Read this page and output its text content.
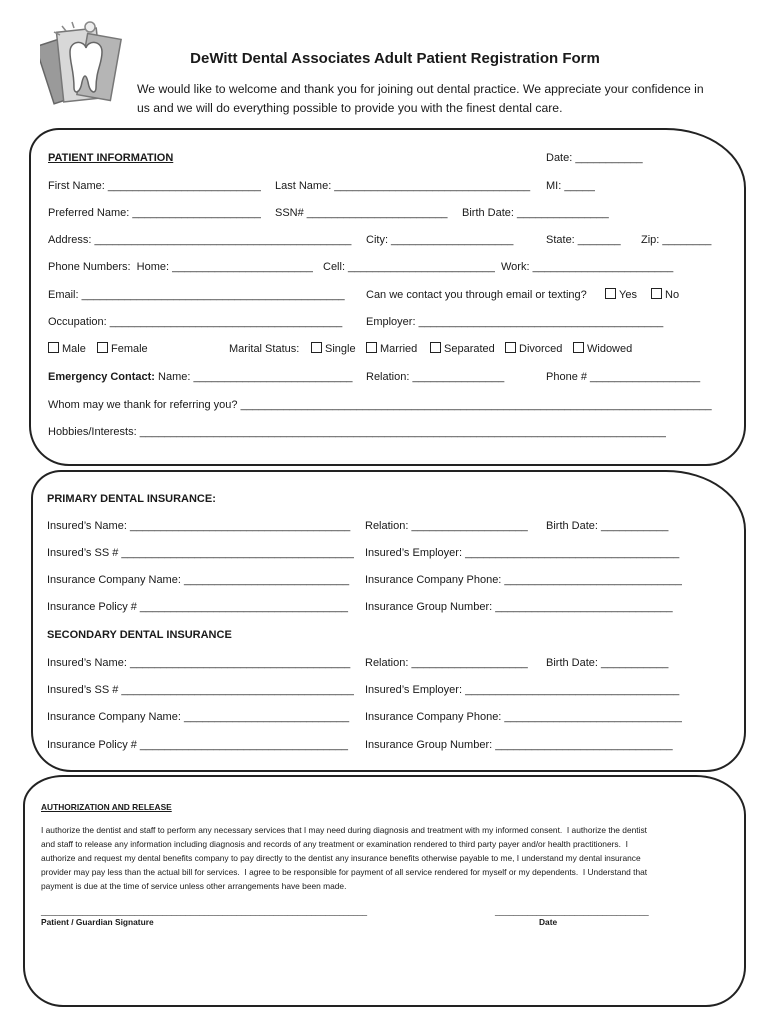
DeWitt Dental Associates Adult Patient Registration Form
We would like to welcome and thank you for joining out dental practice. We appreciate your confidence in us and we will do everything possible to provide you with the finest dental care.
PATIENT INFORMATION	Date: ___________
First Name: _________________________ Last Name: ________________________________ MI: _____
Preferred Name: _____________________ SSN# _______________________ Birth Date: _______________
Address: __________________________________________ City: ____________________	State: _______ Zip: ________
Phone Numbers:  Home: _______________________ Cell: ________________________ Work: _______________________
Email: ___________________________________________ Can we contact you through email or texting?	Yes	No
Occupation: ______________________________________ Employer: ________________________________________
Male	Female	Marital Status:	Single	Married	Separated	Divorced	Widowed
Emergency Contact: Name: __________________________ Relation: _______________	Phone # __________________
Whom may we thank for referring you? _____________________________________________________________________________
Hobbies/Interests: ______________________________________________________________________________________
PRIMARY DENTAL INSURANCE:
Insured’s Name: ____________________________________ Relation: ___________________ Birth Date: ___________
Insured’s SS # ______________________________________ Insured’s Employer: ___________________________________
Insurance Company Name: ___________________________ Insurance Company Phone: _____________________________
Insurance Policy # __________________________________ Insurance Group Number: _____________________________
SECONDARY DENTAL INSURANCE
Insured’s Name: ____________________________________ Relation: ___________________ Birth Date: ___________
Insured’s SS # ______________________________________ Insured’s Employer: ___________________________________
Insurance Company Name: ___________________________ Insurance Company Phone: _____________________________
Insurance Policy # __________________________________ Insurance Group Number: _____________________________
AUTHORIZATION AND RELEASE
I authorize the dentist and staff to perform any necessary services that I may need during diagnosis and treatment with my informed consent.  I authorize the dentist
and staff to release any information including diagnosis and records of any treatment or examination rendered to third party payer and/or health practitioners.  I
authorize and request my dental benefits company to pay directly to the dentist any insurance benefits otherwise payable to me, I understand my dental insurance
provider may pay less than the actual bill for services.  I agree to be responsible for payment of all service rendered for myself or my dependents.  I Understand that
payment is due at the time of service unless other arrangements have been made.
______________________________________________________________________	_________________________________
Patient / Guardian Signature	Date
